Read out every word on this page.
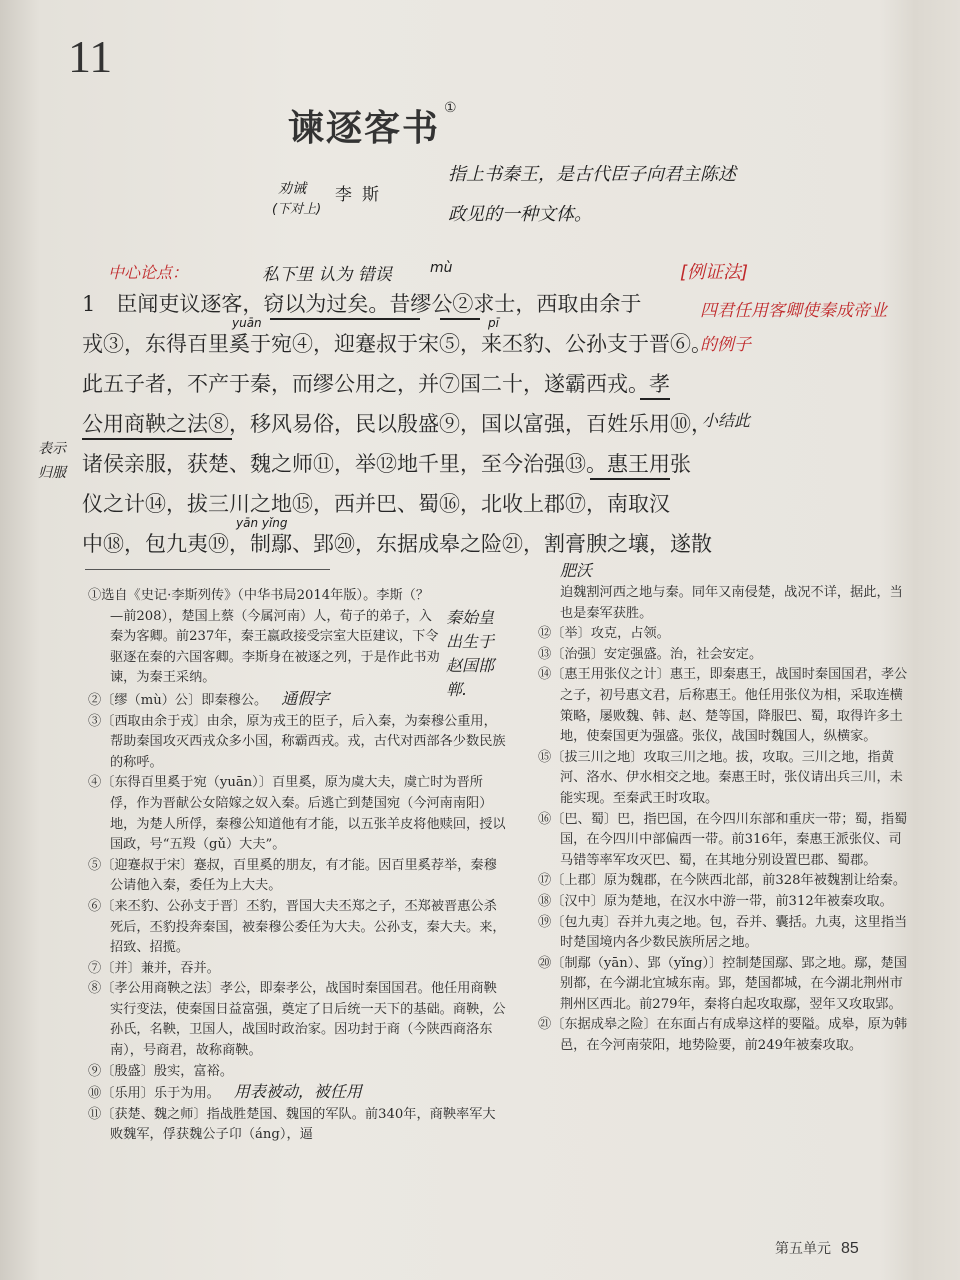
11
谏逐客书 ①
李斯
1　臣闻吏议逐客，窃以为过矣。昔缪公②求士，西取由余于
戎③，东得百里奚于宛④，迎蹇叔于宋⑤，来丕豹、公孙支于晋⑥。
此五子者，不产于秦，而缪公用之，并⑦国二十，遂霸西戎。孝
公用商鞅之法⑧，移风易俗，民以殷盛⑨，国以富强，百姓乐用⑩，
诸侯亲服，获楚、魏之师⑪，举⑫地千里，至今治强⑬。惠王用张
仪之计⑭，拔三川之地⑮，西并巴、蜀⑯，北收上郡⑰，南取汉
中⑱，包九夷⑲，制鄢、郢⑳，东据成皋之险㉑，割膏腴之壤，遂散
秦始皇
出生于
赵国邯
郸.
①选自《史记·李斯列传》（中华书局2014年版）。李斯（？—前208），楚国上蔡（今属河南）人，荀子的弟子，入秦为客卿。前237年，秦王嬴政接受宗室大臣建议，下令驱逐在秦的六国客卿。李斯身在被逐之列，于是作此书劝谏，为秦王采纳。
②〔缪（mù）公〕即秦穆公。 通假字
③〔西取由余于戎〕由余，原为戎王的臣子，后入秦，为秦穆公重用，帮助秦国攻灭西戎众多小国，称霸西戎。戎，古代对西部各少数民族的称呼。
④〔东得百里奚于宛（yuān）〕百里奚，原为虞大夫，虞亡时为晋所俘，作为晋献公女陪嫁之奴入秦。后逃亡到楚国宛（今河南南阳）地，为楚人所俘，秦穆公知道他有才能，以五张羊皮将他赎回，授以国政，号“五羖（gǔ）大夫”。
⑤〔迎蹇叔于宋〕蹇叔，百里奚的朋友，有才能。因百里奚荐举，秦穆公请他入秦，委任为上大夫。
⑥〔来丕豹、公孙支于晋〕丕豹，晋国大夫丕郑之子，丕郑被晋惠公杀死后，丕豹投奔秦国，被秦穆公委任为大夫。公孙支，秦大夫。来，招致、招揽。
⑦〔并〕兼并，吞并。
⑧〔孝公用商鞅之法〕孝公，即秦孝公，战国时秦国国君。他任用商鞅实行变法，使秦国日益富强，奠定了日后统一天下的基础。商鞅，公孙氏，名鞅，卫国人，战国时政治家。因功封于商（今陕西商洛东南），号商君，故称商鞅。
⑨〔殷盛〕殷实，富裕。
⑩〔乐用〕乐于为用。 用表被动，被任用
⑪〔获楚、魏之师〕指战胜楚国、魏国的军队。前340年，商鞅率军大败魏军，俘获魏公子卬（áng），逼
迫魏割河西之地与秦。同年又南侵楚，战况不详，据此，当也是秦军获胜。
⑫〔举〕攻克，占领。
⑬〔治强〕安定强盛。治，社会安定。
⑭〔惠王用张仪之计〕惠王，即秦惠王，战国时秦国国君，孝公之子，初号惠文君，后称惠王。他任用张仪为相，采取连横策略，屡败魏、韩、赵、楚等国，降服巴、蜀，取得许多土地，使秦国更为强盛。张仪，战国时魏国人，纵横家。
⑮〔拔三川之地〕攻取三川之地。拔，攻取。三川之地，指黄河、洛水、伊水相交之地。秦惠王时，张仪请出兵三川，未能实现。至秦武王时攻取。
⑯〔巴、蜀〕巴，指巴国，在今四川东部和重庆一带；蜀，指蜀国，在今四川中部偏西一带。前316年，秦惠王派张仪、司马错等率军攻灭巴、蜀，在其地分别设置巴郡、蜀郡。
⑰〔上郡〕原为魏郡，在今陕西北部，前328年被魏割让给秦。
⑱〔汉中〕原为楚地，在汉水中游一带，前312年被秦攻取。
⑲〔包九夷〕吞并九夷之地。包，吞并、囊括。九夷，这里指当时楚国境内各少数民族所居之地。
⑳〔制鄢（yān）、郢（yǐng）〕控制楚国鄢、郢之地。鄢，楚国别都，在今湖北宜城东南。郢，楚国都城，在今湖北荆州市荆州区西北。前279年，秦将白起攻取鄢，翌年又攻取郢。
㉑〔东据成皋之险〕在东面占有成皋这样的要隘。成皋，原为韩邑，在今河南荥阳，地势险要，前249年被秦攻取。
劝诫
(下对上)
指上书秦王，是古代臣子向君主陈述
政见的一种文体。
中心论点：	私下里 认为 错误	mù
yuān	pī
yān yǐng
[例证法]
四君任用客卿使秦成帝业
的例子
小结此
表示
归服
肥沃
第五单元 85
